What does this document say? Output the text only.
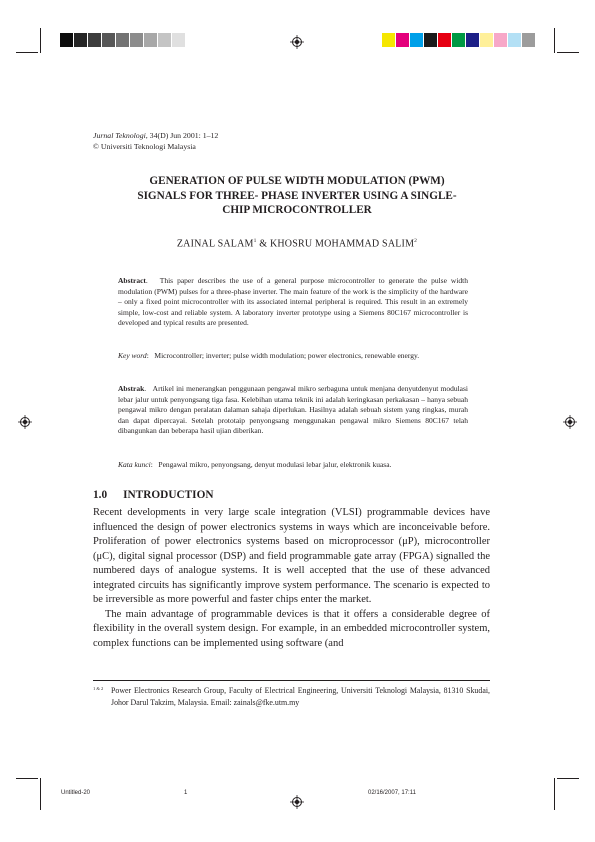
Jurnal Teknologi, 34(D) Jun 2001: 1–12
© Universiti Teknologi Malaysia
GENERATION OF PULSE WIDTH MODULATION (PWM)
SIGNALS FOR THREE- PHASE INVERTER USING A SINGLE-
CHIP MICROCONTROLLER
ZAINAL SALAM$^1$ & KHOSRU MOHAMMAD SALIM$^2$
Abstract. This paper describes the use of a general purpose microcontroller to generate the pulse width modulation (PWM) pulses for a three-phase inverter. The main feature of the work is the simplicity of the hardware – only a fixed point microcontroller with its associated internal peripheral is required. This result in an extremely simple, low-cost and reliable system. A laboratory inverter prototype using a Siemens 80C167 microcontroller is developed and typical results are presented.
Key word: Microcontroller; inverter; pulse width modulation; power electronics, renewable energy.
Abstrak. Artikel ini menerangkan penggunaan pengawal mikro serbaguna untuk menjana denyutdenyut modulasi lebar jalur untuk penyongsang tiga fasa. Kelebihan utama teknik ini adalah keringkasan perkakasan – hanya sebuah pengawal mikro dengan peralatan dalaman sahaja diperlukan. Hasilnya adalah sebuah sistem yang ringkas, murah dan dapat dipercayai. Setelah prototaip penyongsang menggunakan pengawal mikro Siemens 80C167 telah dibangunkan dan beberapa hasil ujian diberikan.
Kata kunci: Pengawal mikro, penyongsang, denyut modulasi lebar jalur, elektronik kuasa.
1.0 INTRODUCTION
Recent developments in very large scale integration (VLSI) programmable devices have influenced the design of power electronics systems in ways which are inconceivable before. Proliferation of power electronics systems based on microprocessor (μP), microcontroller (μC), digital signal processor (DSP) and field programmable gate array (FPGA) signalled the numbered days of analogue systems. It is well accepted that the use of these advanced integrated circuits has significantly improve system performance. The scenario is expected to be irreversible as more powerful and faster chips enter the market.
The main advantage of programmable devices is that it offers a considerable degree of flexibility in the overall system design. For example, in an embedded microcontroller system, complex functions can be implemented using software (and
1 & 2 Power Electronics Research Group, Faculty of Electrical Engineering, Universiti Teknologi Malaysia, 81310 Skudai, Johor Darul Takzim, Malaysia. Email: zainals@fke.utm.my
Untitled-20	1	02/16/2007, 17:11
